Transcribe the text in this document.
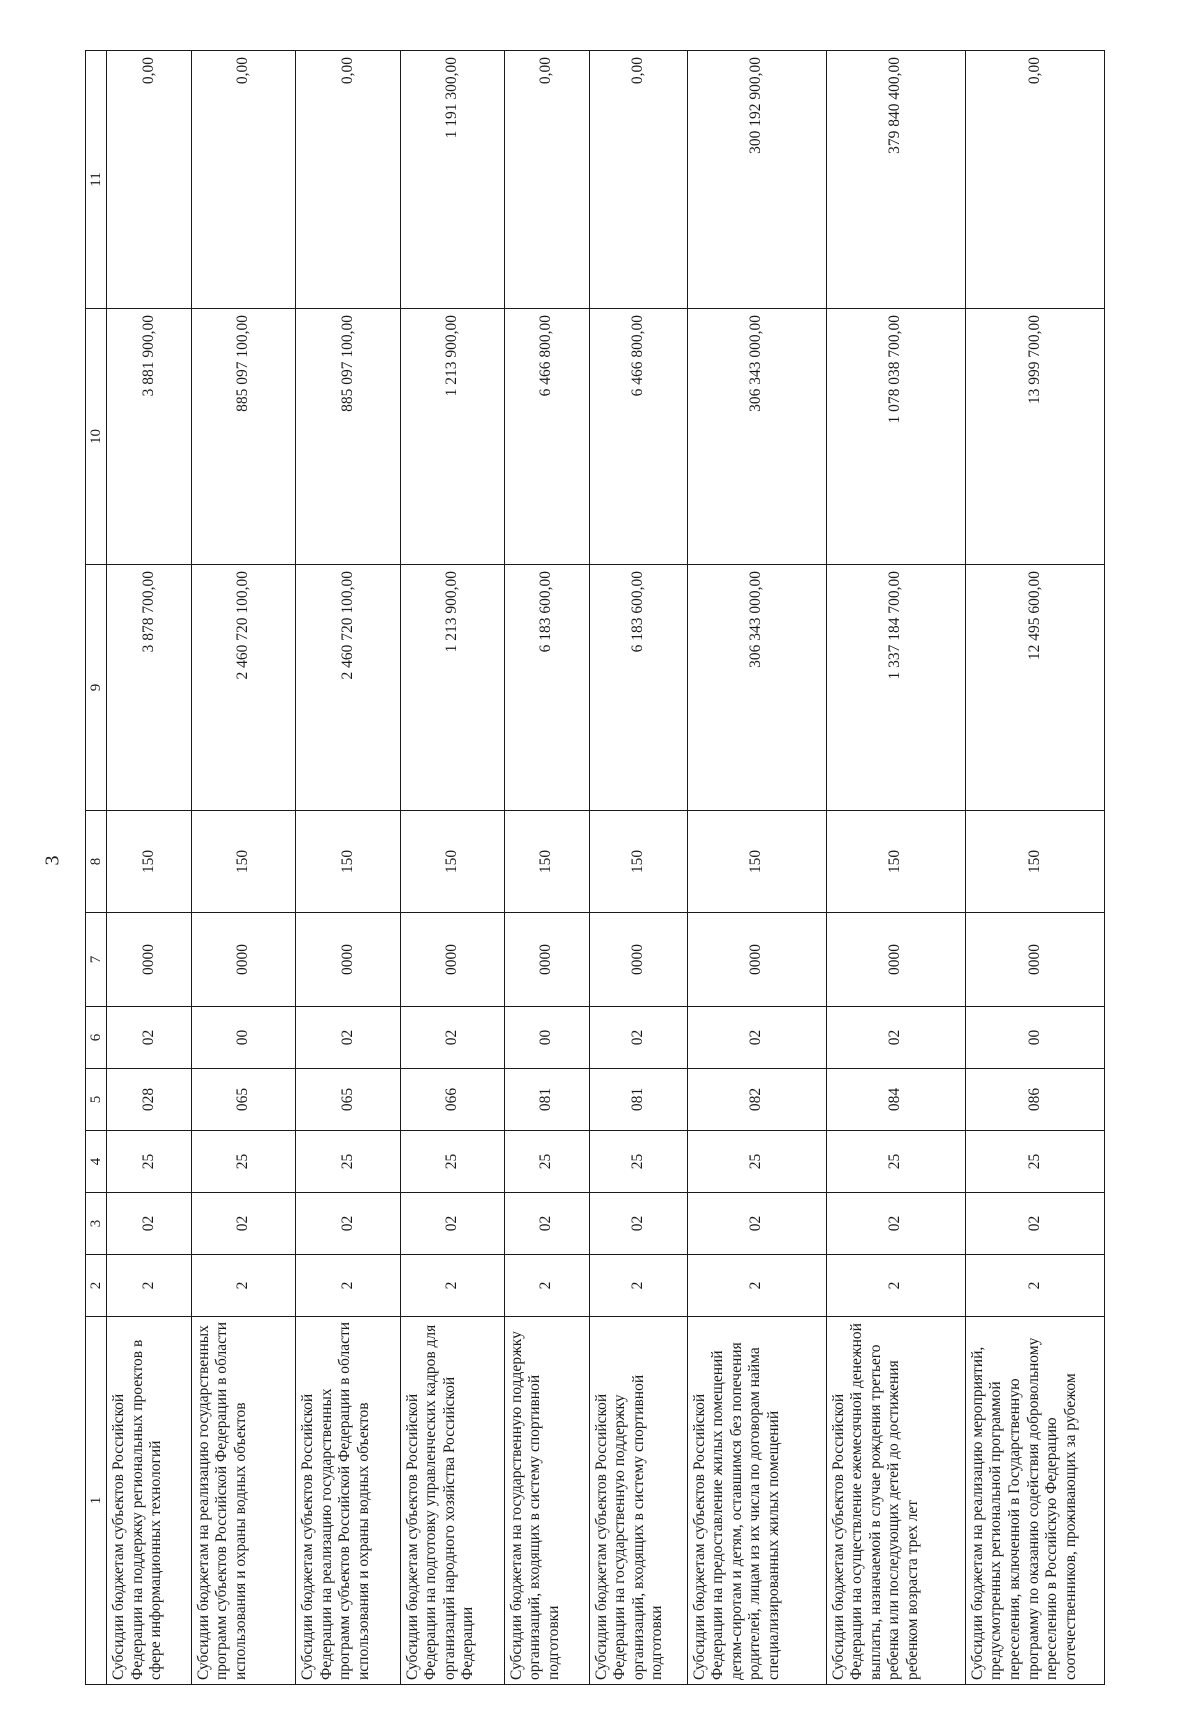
3
1	2	3	4	5	6	7	8	9	10	11
Субсидии бюджетам субъектов Российской Федерации на поддержку региональных проектов в сфере информационных технологий	2	02	25	028	02	0000	150	3 878 700,00	3 881 900,00	0,00
Субсидии бюджетам на реализацию государственных программ субъектов Российской Федерации в области использования и охраны водных объектов	2	02	25	065	00	0000	150	2 460 720 100,00	885 097 100,00	0,00
Субсидии бюджетам субъектов Российской Федерации на реализацию государственных программ субъектов Российской Федерации в области использования и охраны водных объектов	2	02	25	065	02	0000	150	2 460 720 100,00	885 097 100,00	0,00
Субсидии бюджетам субъектов Российской Федерации на подготовку управленческих кадров для организаций народного хозяйства Российской Федерации	2	02	25	066	02	0000	150	1 213 900,00	1 213 900,00	1 191 300,00
Субсидии бюджетам на государственную поддержку организаций, входящих в систему спортивной подготовки	2	02	25	081	00	0000	150	6 183 600,00	6 466 800,00	0,00
Субсидии бюджетам субъектов Российской Федерации на государственную поддержку организаций, входящих в систему спортивной подготовки	2	02	25	081	02	0000	150	6 183 600,00	6 466 800,00	0,00
Субсидии бюджетам субъектов Российской Федерации на предоставление жилых помещений детям-сиротам и детям, оставшимся без попечения родителей, лицам из их числа по договорам найма специализированных жилых помещений	2	02	25	082	02	0000	150	306 343 000,00	306 343 000,00	300 192 900,00
Субсидии бюджетам субъектов Российской Федерации на осуществление ежемесячной денежной выплаты, назначаемой в случае рождения третьего ребенка или последующих детей до достижения ребенком возраста трех лет	2	02	25	084	02	0000	150	1 337 184 700,00	1 078 038 700,00	379 840 400,00
Субсидии бюджетам на реализацию мероприятий, предусмотренных региональной программой переселения, включенной в Государственную программу по оказанию содействия добровольному переселению в Российскую Федерацию соотечественников, проживающих за рубежом	2	02	25	086	00	0000	150	12 495 600,00	13 999 700,00	0,00
